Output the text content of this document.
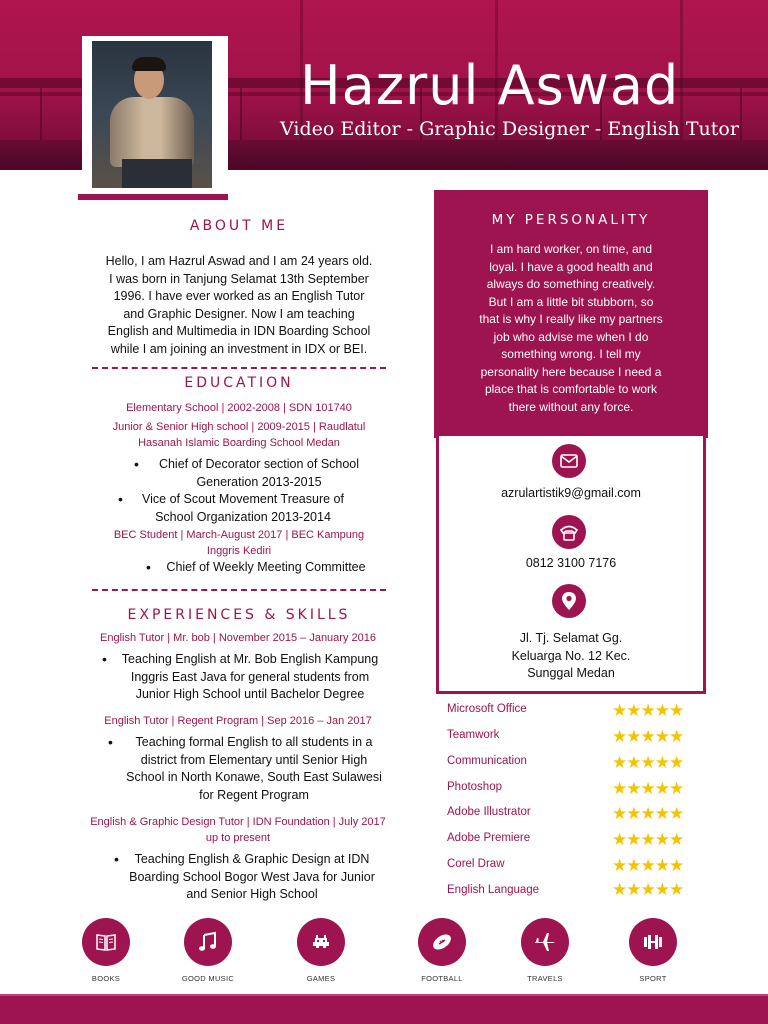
Hazrul Aswad
Video Editor - Graphic Designer - English Tutor
ABOUT ME
Hello, I am Hazrul Aswad and I am 24 years old.
I was born in Tanjung Selamat 13th September
1996. I have ever worked as an English Tutor
and Graphic Designer. Now I am teaching
English and Multimedia in IDN Boarding School
while I am joining an investment in IDX or BEI.
EDUCATION
Elementary School | 2002-2008 | SDN 101740
Junior & Senior High school | 2009-2015 | Raudlatul
Hasanah Islamic Boarding School Medan
•	Chief of Decorator section of School
Generation 2013-2015
•	Vice of Scout Movement Treasure of
School Organization 2013-2014
BEC Student | March-August 2017 | BEC Kampung
Inggris Kediri
•	Chief of Weekly Meeting Committee
EXPERIENCES & SKILLS
English Tutor | Mr. bob | November 2015 – January 2016
•	Teaching English at Mr. Bob English Kampung
Inggris East Java for general students from
Junior High School until Bachelor Degree
English Tutor | Regent Program | Sep 2016 – Jan 2017
•	Teaching formal English to all students in a
district from Elementary until Senior High
School in North Konawe, South East Sulawesi
for Regent Program
English & Graphic Design Tutor | IDN Foundation | July 2017
up to present
•	Teaching English & Graphic Design at IDN
Boarding School Bogor West Java for Junior
and Senior High School
MY PERSONALITY
I am hard worker, on time, and
loyal. I have a good health and
always do something creatively.
But I am a little bit stubborn, so
that is why I really like my partners
job who advise me when I do
something wrong. I tell my
personality here because I need a
place that is comfortable to work
there without any force.
azrulartistik9@gmail.com
0812 3100 7176
Jl. Tj. Selamat Gg.
Keluarga No. 12 Kec.
Sunggal Medan
Microsoft Office	★★★★★
Teamwork	★★★★★
Communication	★★★★★
Photoshop	★★★★★
Adobe Illustrator	★★★★★
Adobe Premiere	★★★★★
Corel Draw	★★★★★
English Language	★★★★★
BOOKS	GOOD MUSIC	GAMES	FOOTBALL	TRAVELS	SPORT
